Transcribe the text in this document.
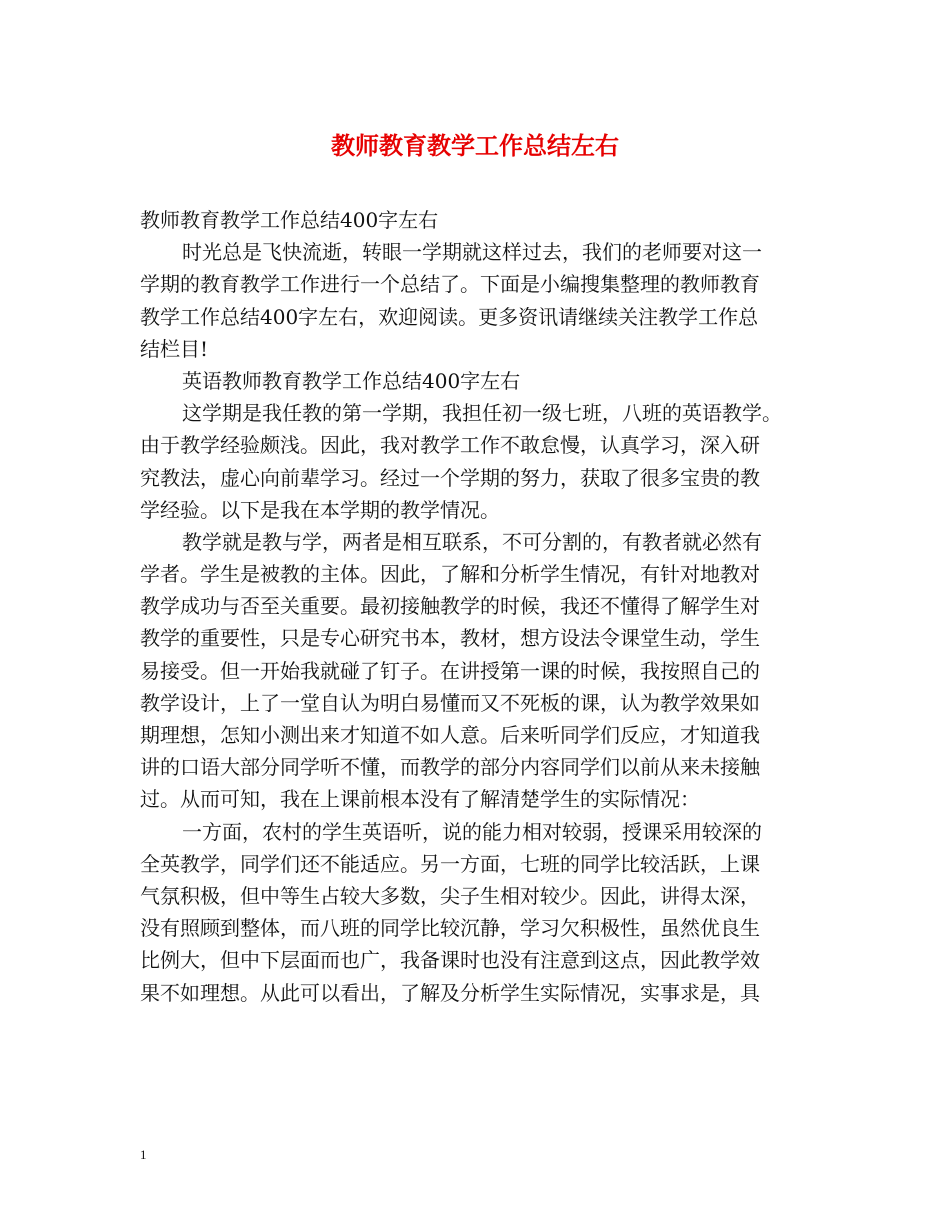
教师教育教学工作总结左右
教师教育教学工作总结400字左右
时光总是飞快流逝，转眼一学期就这样过去，我们的老师要对这一
学期的教育教学工作进行一个总结了。下面是小编搜集整理的教师教育
教学工作总结400字左右，欢迎阅读。更多资讯请继续关注教学工作总
结栏目!
英语教师教育教学工作总结400字左右
这学期是我任教的第一学期，我担任初一级七班，八班的英语教学。
由于教学经验颇浅。因此，我对教学工作不敢怠慢，认真学习，深入研
究教法，虚心向前辈学习。经过一个学期的努力，获取了很多宝贵的教
学经验。以下是我在本学期的教学情况。
教学就是教与学，两者是相互联系，不可分割的，有教者就必然有
学者。学生是被教的主体。因此，了解和分析学生情况，有针对地教对
教学成功与否至关重要。最初接触教学的时候，我还不懂得了解学生对
教学的重要性，只是专心研究书本，教材，想方设法令课堂生动，学生
易接受。但一开始我就碰了钉子。在讲授第一课的时候，我按照自己的
教学设计，上了一堂自认为明白易懂而又不死板的课，认为教学效果如
期理想，怎知小测出来才知道不如人意。后来听同学们反应，才知道我
讲的口语大部分同学听不懂，而教学的部分内容同学们以前从来未接触
过。从而可知，我在上课前根本没有了解清楚学生的实际情况：
一方面，农村的学生英语听，说的能力相对较弱，授课采用较深的
全英教学，同学们还不能适应。另一方面，七班的同学比较活跃，上课
气氛积极，但中等生占较大多数，尖子生相对较少。因此，讲得太深，
没有照顾到整体，而八班的同学比较沉静，学习欠积极性，虽然优良生
比例大，但中下层面而也广，我备课时也没有注意到这点，因此教学效
果不如理想。从此可以看出，了解及分析学生实际情况，实事求是，具
1
